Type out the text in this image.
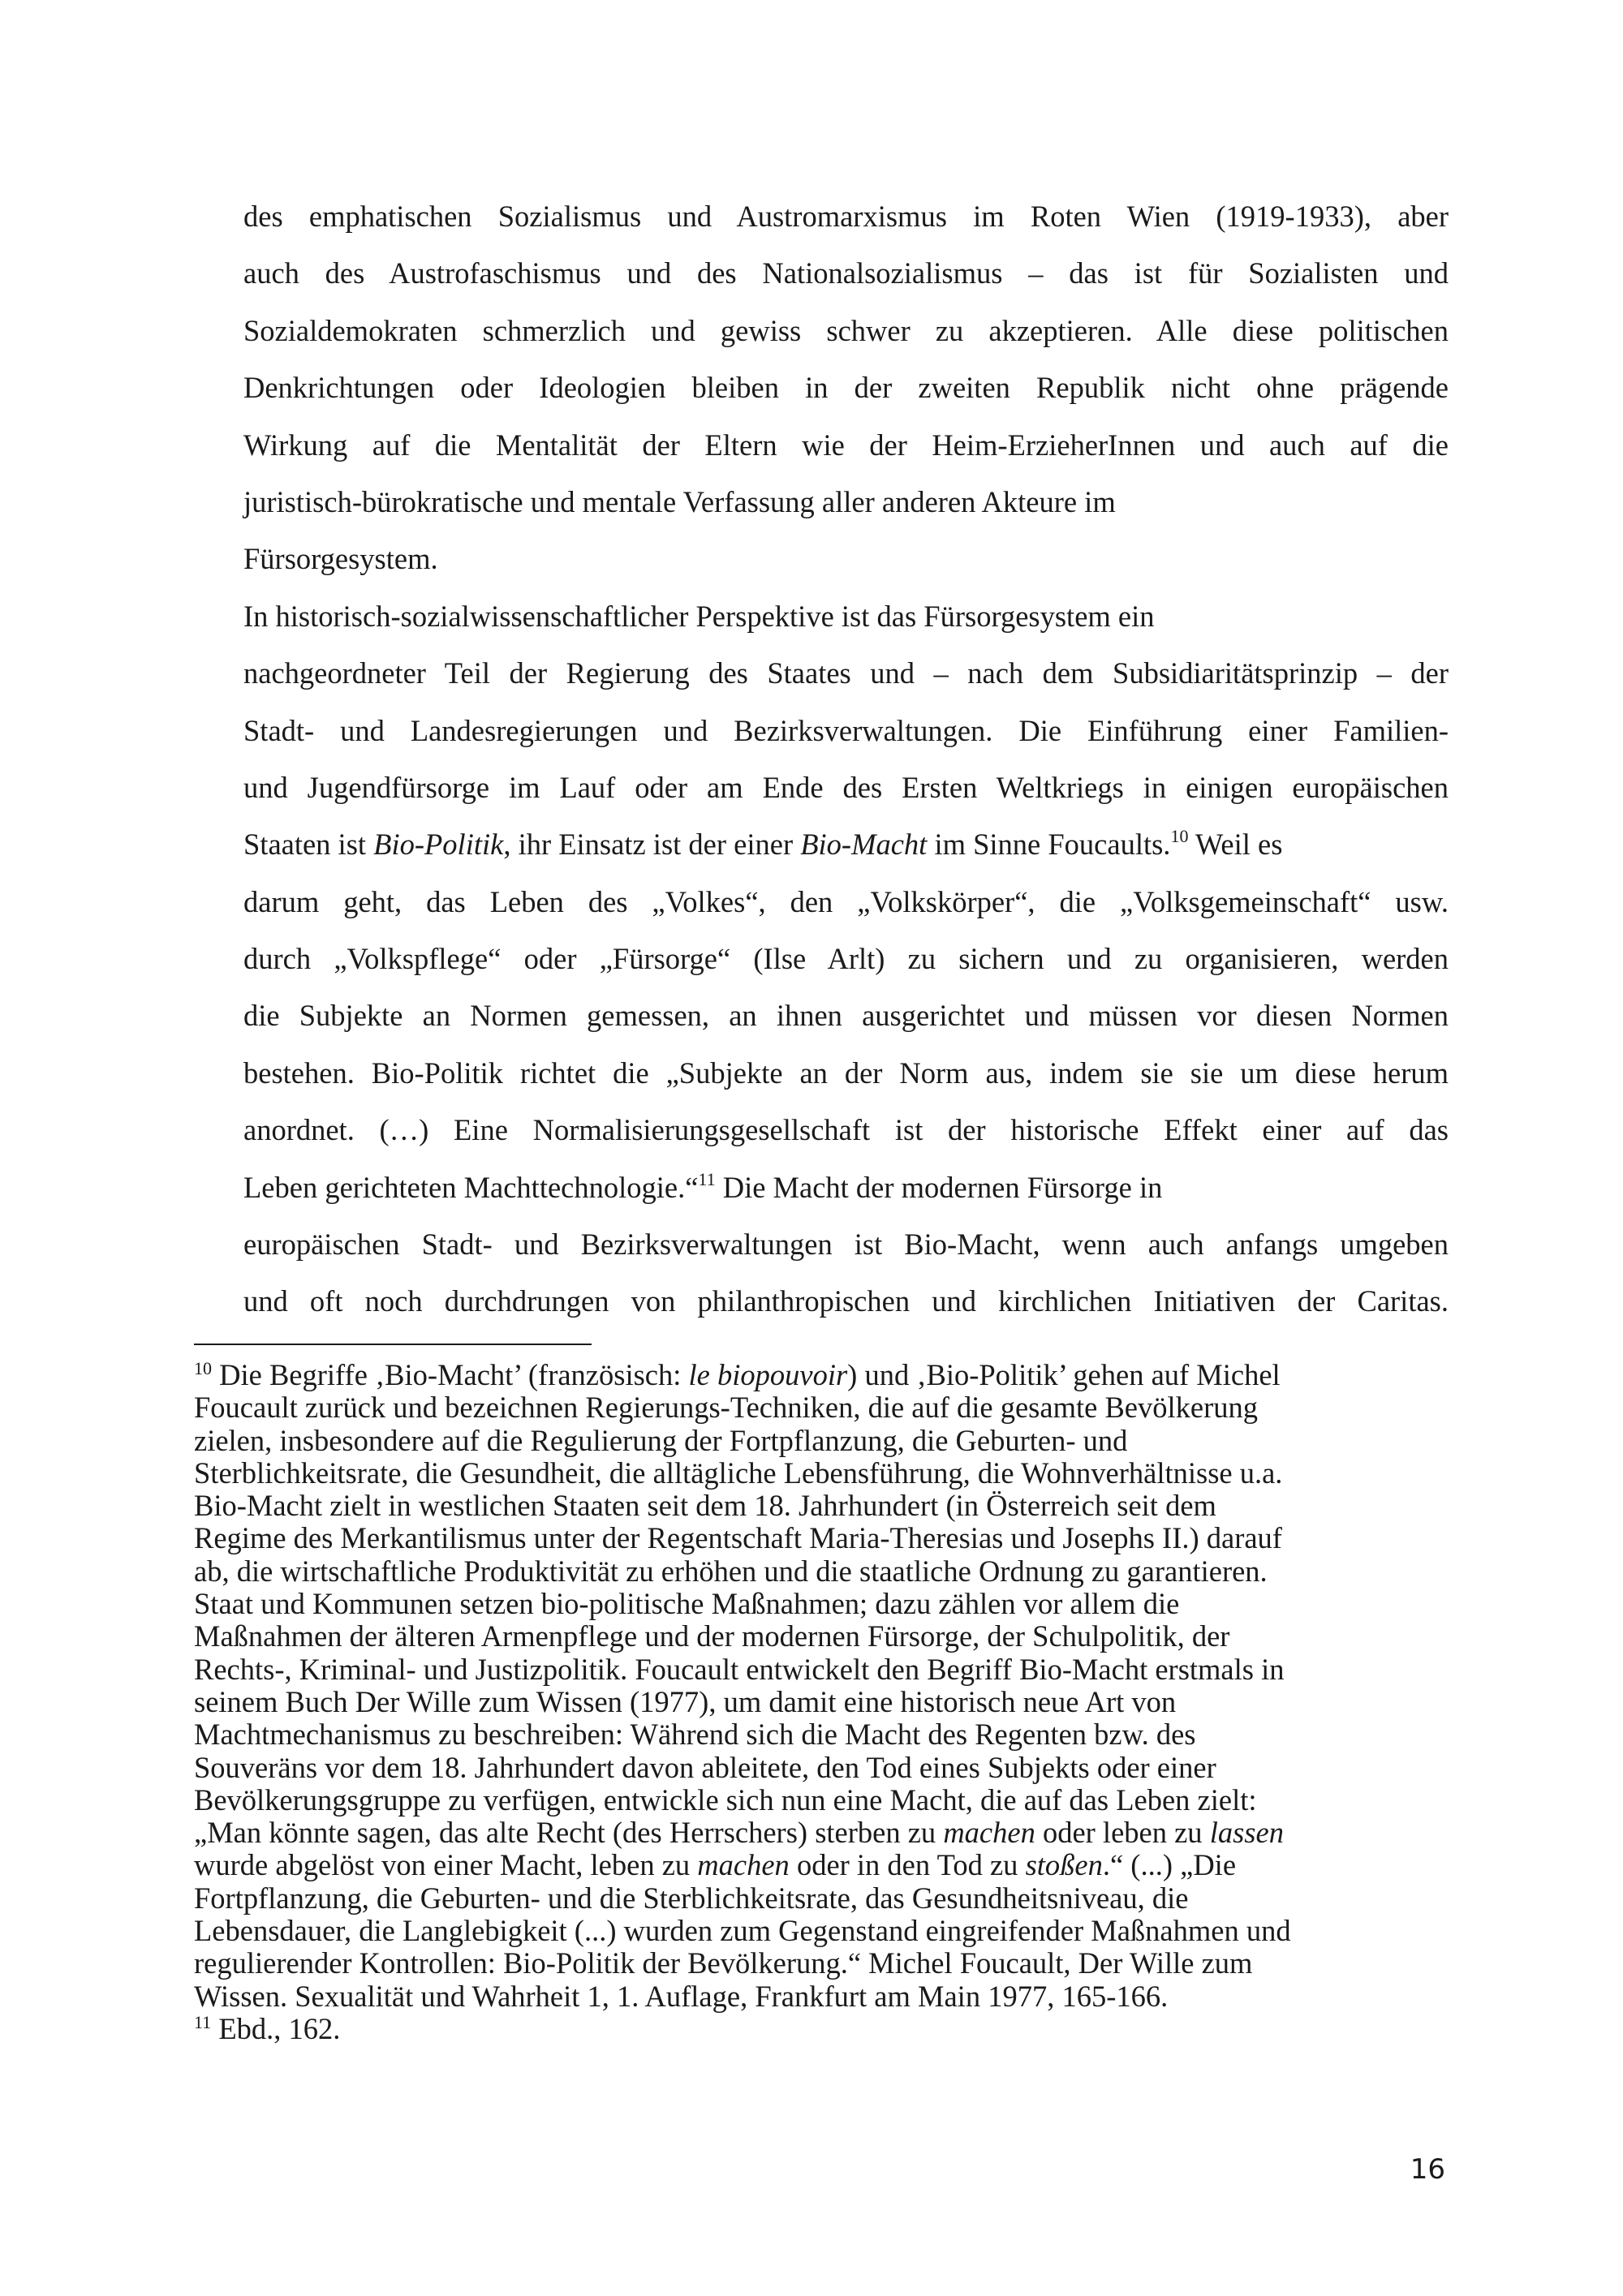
des emphatischen Sozialismus und Austromarxismus im Roten Wien (1919-1933), aber

auch des Austrofaschismus und des Nationalsozialismus – das ist für Sozialisten und

Sozialdemokraten schmerzlich und gewiss schwer zu akzeptieren. Alle diese politischen

Denkrichtungen oder Ideologien bleiben in der zweiten Republik nicht ohne prägende

Wirkung auf die Mentalität der Eltern wie der Heim-ErzieherInnen und auch auf die

juristisch-bürokratische und mentale Verfassung aller anderen Akteure im

Fürsorgesystem.

In historisch-sozialwissenschaftlicher Perspektive ist das Fürsorgesystem ein

nachgeordneter Teil der Regierung des Staates und – nach dem Subsidiaritätsprinzip – der

Stadt- und Landesregierungen und Bezirksverwaltungen. Die Einführung einer Familien-

und Jugendfürsorge im Lauf oder am Ende des Ersten Weltkriegs in einigen europäischen

Staaten ist Bio-Politik, ihr Einsatz ist der einer Bio-Macht im Sinne Foucaults.$^{10}$ Weil es

darum geht, das Leben des „Volkes“, den „Volkskörper“, die „Volksgemeinschaft“ usw.

durch „Volkspflege“ oder „Fürsorge“ (Ilse Arlt) zu sichern und zu organisieren, werden

die Subjekte an Normen gemessen, an ihnen ausgerichtet und müssen vor diesen Normen

bestehen. Bio-Politik richtet die „Subjekte an der Norm aus, indem sie sie um diese herum

anordnet. (…) Eine Normalisierungsgesellschaft ist der historische Effekt einer auf das

Leben gerichteten Machttechnologie.“$^{11}$ Die Macht der modernen Fürsorge in

europäischen Stadt- und Bezirksverwaltungen ist Bio-Macht, wenn auch anfangs umgeben

und oft noch durchdrungen von philanthropischen und kirchlichen Initiativen der Caritas.

$^{10}$ Die Begriffe ‚Bio-Macht’ (französisch: le biopouvoir) und ‚Bio-Politik’ gehen auf Michel

Foucault zurück und bezeichnen Regierungs-Techniken, die auf die gesamte Bevölkerung

zielen, insbesondere auf die Regulierung der Fortpflanzung, die Geburten- und

Sterblichkeitsrate, die Gesundheit, die alltägliche Lebensführung, die Wohnverhältnisse u.a.

Bio-Macht zielt in westlichen Staaten seit dem 18. Jahrhundert (in Österreich seit dem

Regime des Merkantilismus unter der Regentschaft Maria-Theresias und Josephs II.) darauf

ab, die wirtschaftliche Produktivität zu erhöhen und die staatliche Ordnung zu garantieren.

Staat und Kommunen setzen bio-politische Maßnahmen; dazu zählen vor allem die

Maßnahmen der älteren Armenpflege und der modernen Fürsorge, der Schulpolitik, der

Rechts-, Kriminal- und Justizpolitik. Foucault entwickelt den Begriff Bio-Macht erstmals in

seinem Buch Der Wille zum Wissen (1977), um damit eine historisch neue Art von

Machtmechanismus zu beschreiben: Während sich die Macht des Regenten bzw. des

Souveräns vor dem 18. Jahrhundert davon ableitete, den Tod eines Subjekts oder einer

Bevölkerungsgruppe zu verfügen, entwickle sich nun eine Macht, die auf das Leben zielt:

„Man könnte sagen, das alte Recht (des Herrschers) sterben zu machen oder leben zu lassen

wurde abgelöst von einer Macht, leben zu machen oder in den Tod zu stoßen.“ (...) „Die

Fortpflanzung, die Geburten- und die Sterblichkeitsrate, das Gesundheitsniveau, die

Lebensdauer, die Langlebigkeit (...) wurden zum Gegenstand eingreifender Maßnahmen und

regulierender Kontrollen: Bio-Politik der Bevölkerung.“ Michel Foucault, Der Wille zum

Wissen. Sexualität und Wahrheit 1, 1. Auflage, Frankfurt am Main 1977, 165-166.

$^{11}$ Ebd., 162.

16
